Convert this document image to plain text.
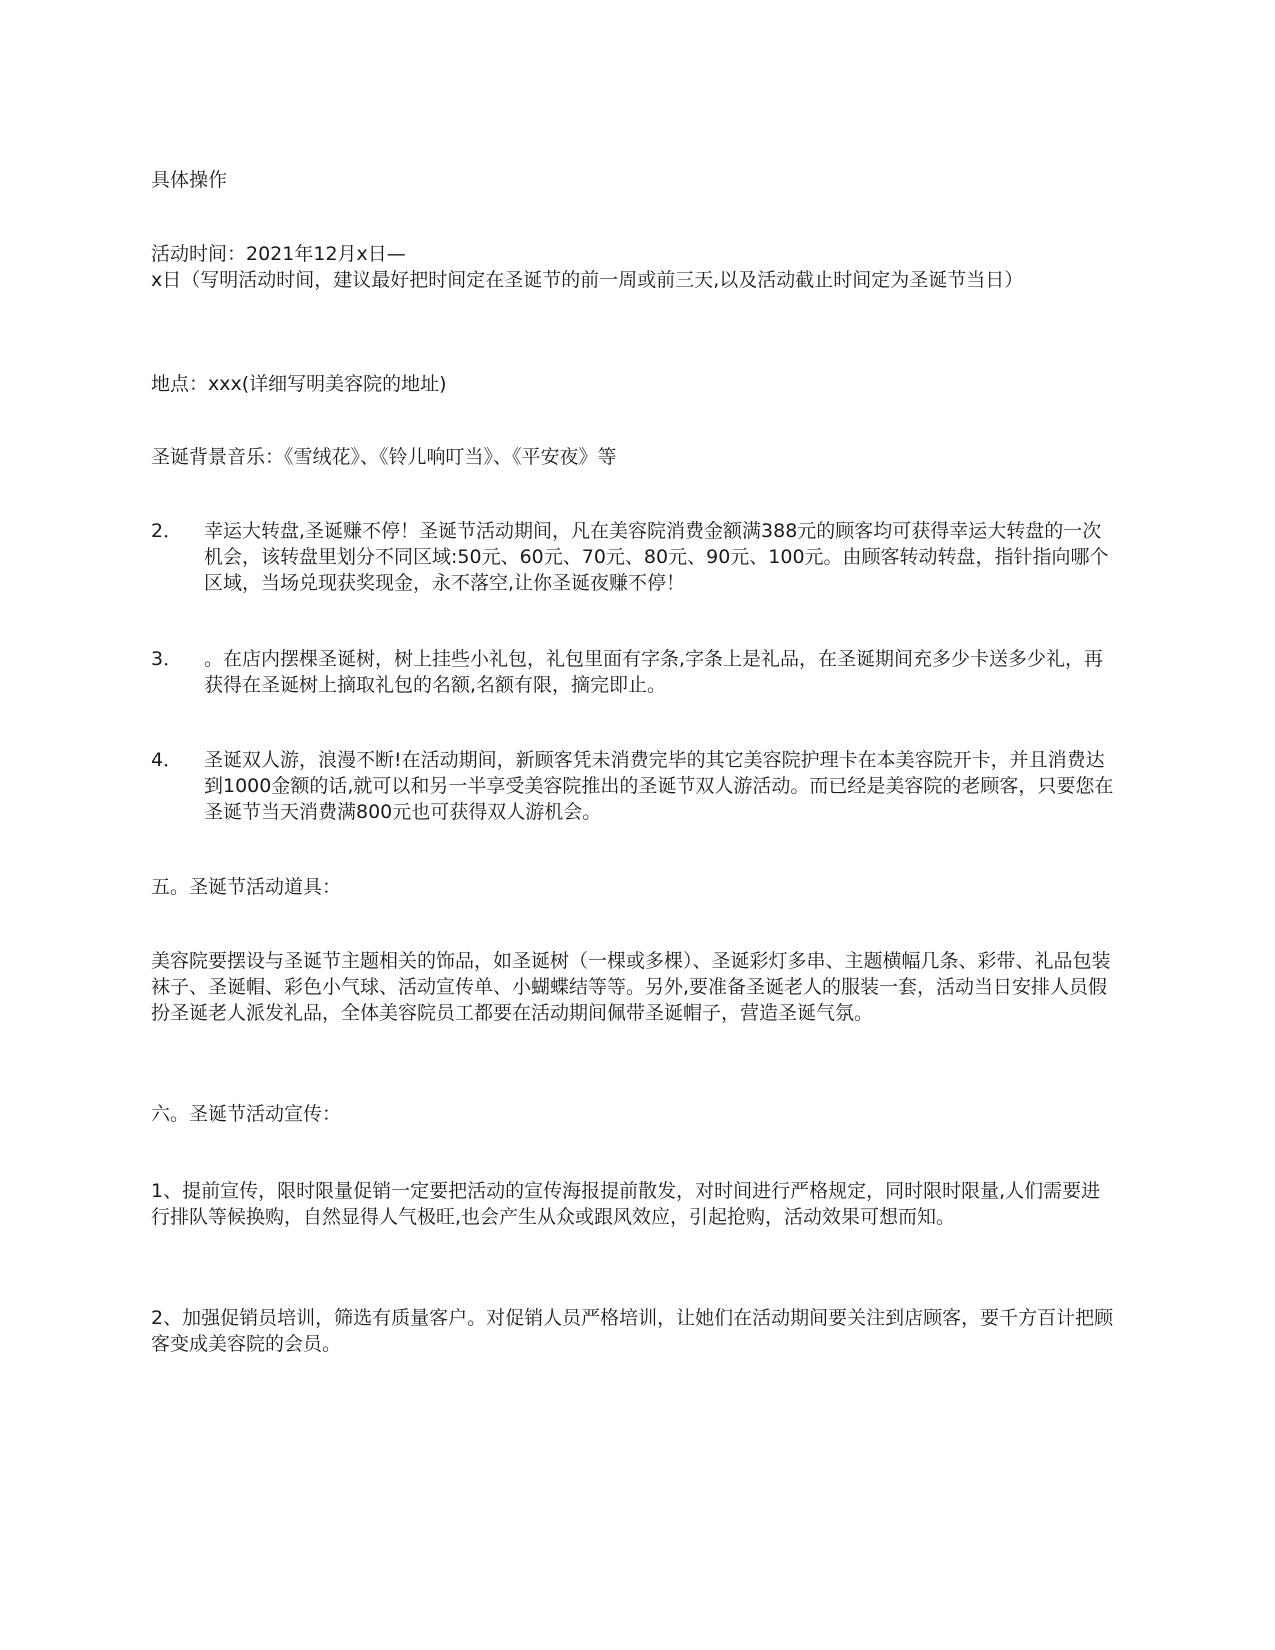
具体操作
活动时间：2021年12月x日—
x日（写明活动时间，建议最好把时间定在圣诞节的前一周或前三天,以及活动截止时间定为圣诞节当日）
地点：xxx(详细写明美容院的地址)
圣诞背景音乐：《雪绒花》、《铃儿响叮当》、《平安夜》等
2．	幸运大转盘,圣诞赚不停！圣诞节活动期间，凡在美容院消费金额满388元的顾客均可获得幸运大转盘的一次机会，该转盘里划分不同区域:50元、60元、70元、80元、90元、100元。由顾客转动转盘，指针指向哪个区域，当场兑现获奖现金，永不落空,让你圣诞夜赚不停！
3．	。在店内摆棵圣诞树，树上挂些小礼包，礼包里面有字条,字条上是礼品，在圣诞期间充多少卡送多少礼，再获得在圣诞树上摘取礼包的名额,名额有限，摘完即止。
4．	圣诞双人游，浪漫不断!在活动期间，新顾客凭未消费完毕的其它美容院护理卡在本美容院开卡，并且消费达到1000金额的话,就可以和另一半享受美容院推出的圣诞节双人游活动。而已经是美容院的老顾客，只要您在圣诞节当天消费满800元也可获得双人游机会。
五。圣诞节活动道具：
美容院要摆设与圣诞节主题相关的饰品，如圣诞树（一棵或多棵）、圣诞彩灯多串、主题横幅几条、彩带、礼品包装袜子、圣诞帽、彩色小气球、活动宣传单、小蝴蝶结等等。另外,要准备圣诞老人的服装一套，活动当日安排人员假扮圣诞老人派发礼品，全体美容院员工都要在活动期间佩带圣诞帽子，营造圣诞气氛。
六。圣诞节活动宣传：
1、提前宣传，限时限量促销一定要把活动的宣传海报提前散发，对时间进行严格规定，同时限时限量,人们需要进行排队等候换购，自然显得人气极旺,也会产生从众或跟风效应，引起抢购，活动效果可想而知。
2、加强促销员培训，筛选有质量客户。对促销人员严格培训，让她们在活动期间要关注到店顾客，要千方百计把顾客变成美容院的会员。
